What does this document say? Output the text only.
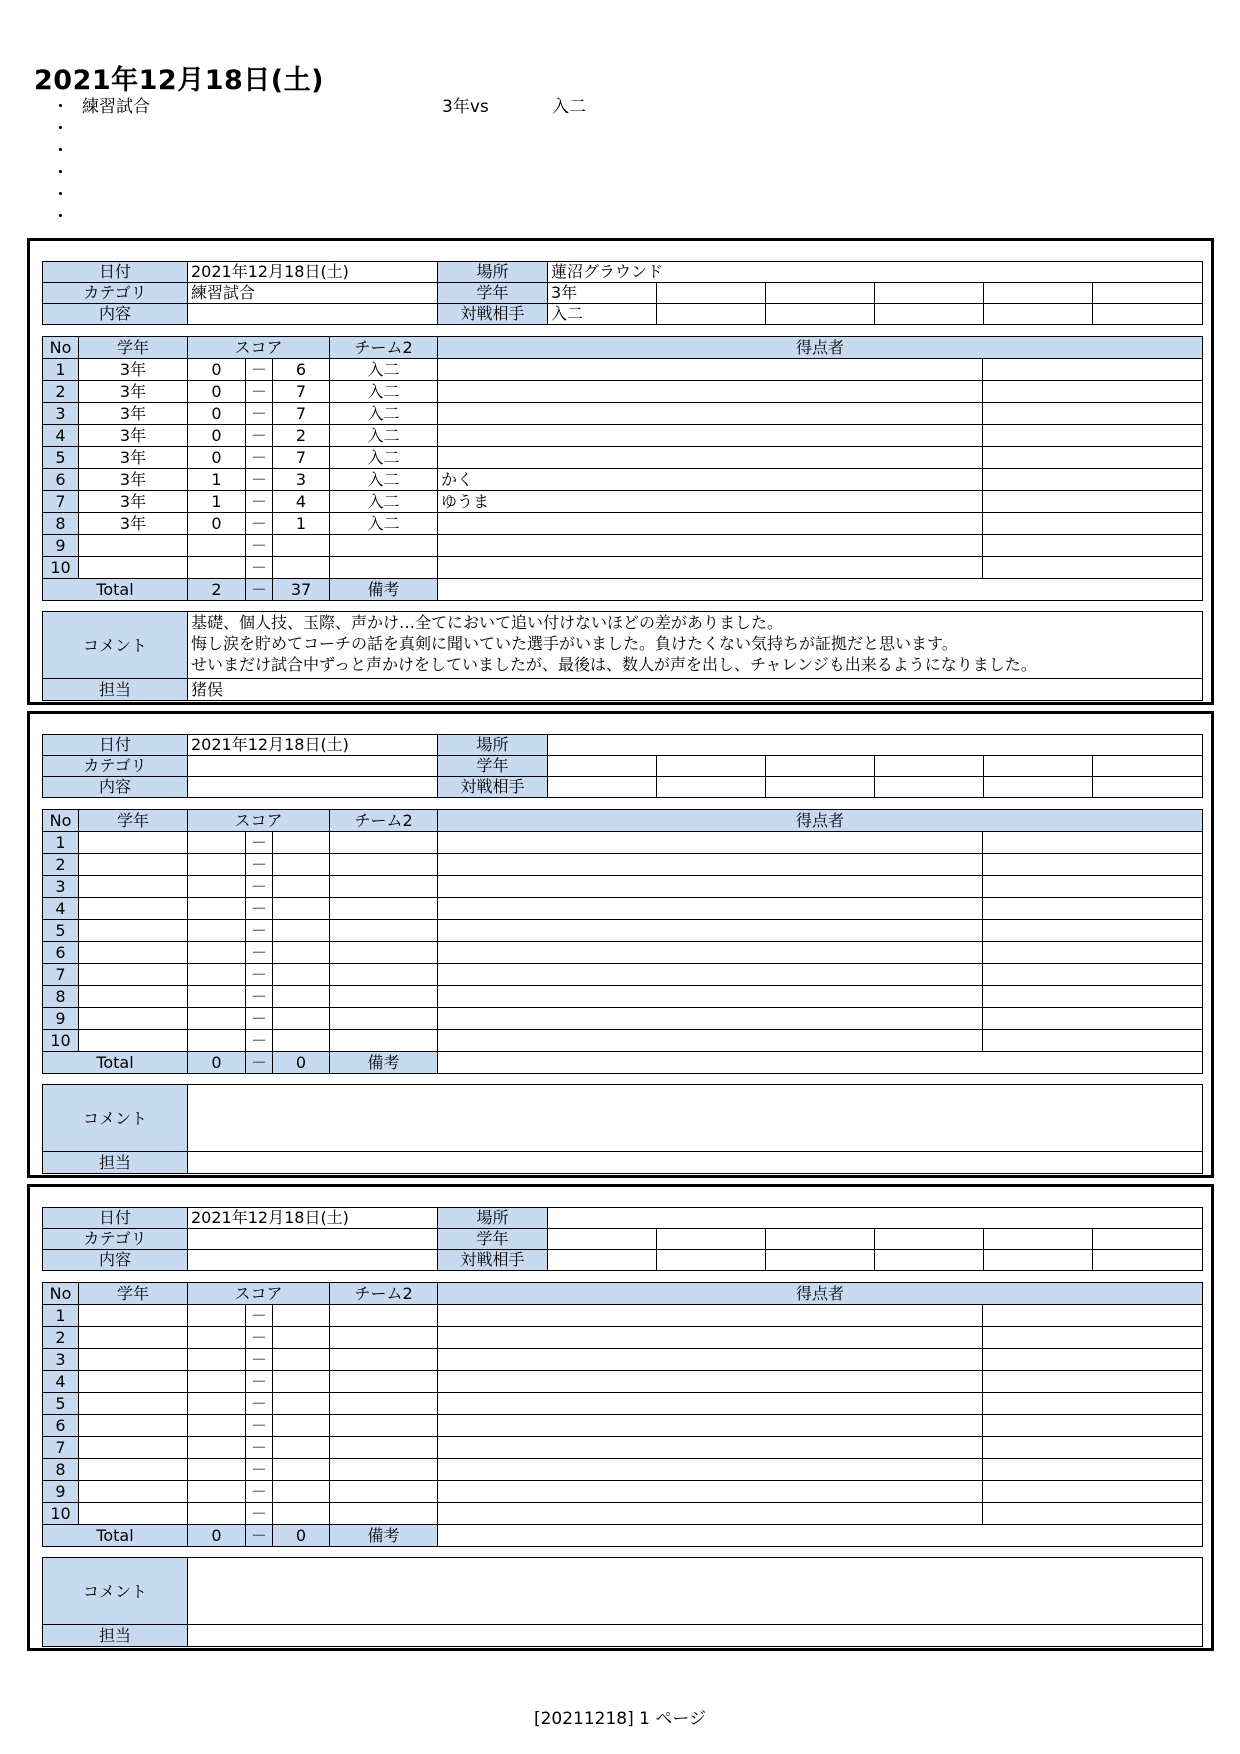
2021年12月18日(土)
・ 練習試合	3年vs	入二
・
・
・
・
・
日付	2021年12月18日(土)	場所	蓮沼グラウンド					
カテゴリ	練習試合	学年	3年					
内容		対戦相手	入二					
No	学年	スコア			チーム2	得点者	
1	3年	0	－	6	入二		
2	3年	0	－	7	入二		
3	3年	0	－	7	入二		
4	3年	0	－	2	入二		
5	3年	0	－	7	入二		
6	3年	1	－	3	入二	かく	
7	3年	1	－	4	入二	ゆうま	
8	3年	0	－	1	入二		
9			－				
10			－				
Total		2	－	37	備考		
コメント	基礎、個人技、玉際、声かけ…全てにおいて追い付けないほどの差がありました。
悔し涙を貯めてコーチの話を真剣に聞いていた選手がいました。負けたくない気持ちが証拠だと思います。
せいまだけ試合中ずっと声かけをしていましたが、最後は、数人が声を出し、チャレンジも出来るようになりました。

担当	猪俣
日付	2021年12月18日(土)	場所						
カテゴリ		学年						
内容		対戦相手						
No	学年	スコア			チーム2	得点者	
1			－				
2			－				
3			－				
4			－				
5			－				
6			－				
7			－				
8			－				
9			－				
10			－				
Total		0	－	0	備考		
コメント	

担当	
日付	2021年12月18日(土)	場所						
カテゴリ		学年						
内容		対戦相手						
No	学年	スコア			チーム2	得点者	
1			－				
2			－				
3			－				
4			－				
5			－				
6			－				
7			－				
8			－				
9			－				
10			－				
Total		0	－	0	備考		
コメント	

担当	
[20211218] 1 ページ
